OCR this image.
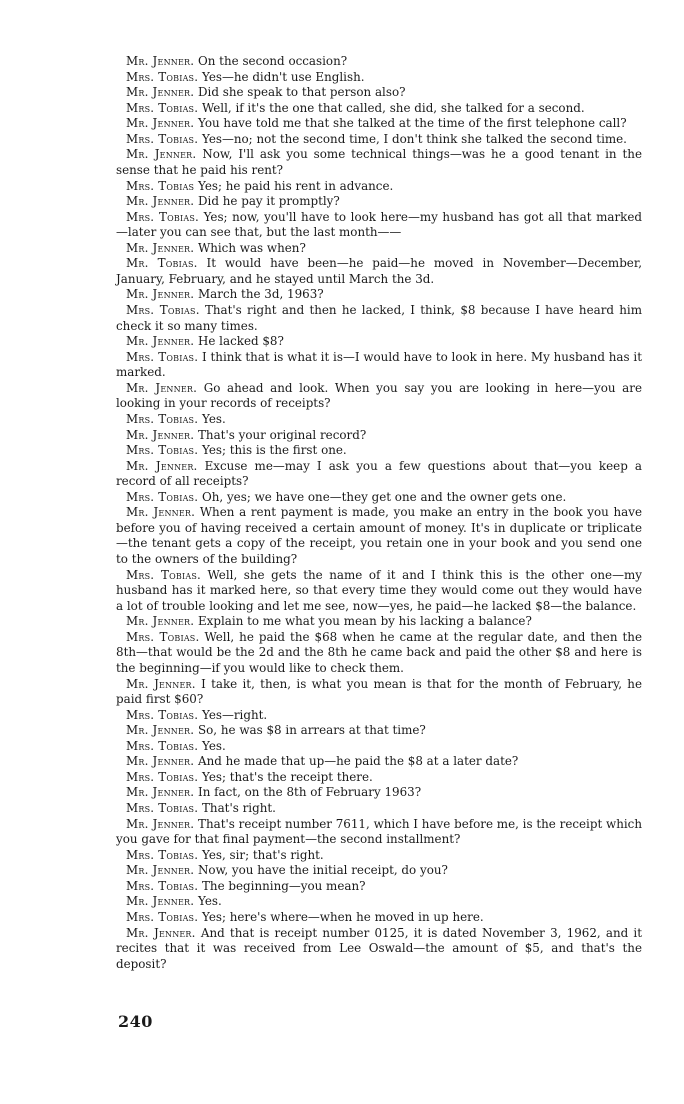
Mr. Jenner. On the second occasion?

Mrs. Tobias. Yes—he didn't use English.

Mr. Jenner. Did she speak to that person also?

Mrs. Tobias. Well, if it's the one that called, she did, she talked for a second.

Mr. Jenner. You have told me that she talked at the time of the first telephone call?

Mrs. Tobias. Yes—no; not the second time, I don't think she talked the second time.

Mr. Jenner. Now, I'll ask you some technical things—was he a good tenant in the sense that he paid his rent?

Mrs. Tobias Yes; he paid his rent in advance.

Mr. Jenner. Did he pay it promptly?

Mrs. Tobias. Yes; now, you'll have to look here—my husband has got all that marked—later you can see that, but the last month——

Mr. Jenner. Which was when?

Mr. Tobias. It would have been—he paid—he moved in November—December, January, February, and he stayed until March the 3d.

Mr. Jenner. March the 3d, 1963?

Mrs. Tobias. That's right and then he lacked, I think, $8 because I have heard him check it so many times.

Mr. Jenner. He lacked $8?

Mrs. Tobias. I think that is what it is—I would have to look in here. My husband has it marked.

Mr. Jenner. Go ahead and look. When you say you are looking in here—you are looking in your records of receipts?

Mrs. Tobias. Yes.

Mr. Jenner. That's your original record?

Mrs. Tobias. Yes; this is the first one.

Mr. Jenner. Excuse me—may I ask you a few questions about that—you keep a record of all receipts?

Mrs. Tobias. Oh, yes; we have one—they get one and the owner gets one.

Mr. Jenner. When a rent payment is made, you make an entry in the book you have before you of having received a certain amount of money. It's in duplicate or triplicate—the tenant gets a copy of the receipt, you retain one in your book and you send one to the owners of the building?

Mrs. Tobias. Well, she gets the name of it and I think this is the other one—my husband has it marked here, so that every time they would come out they would have a lot of trouble looking and let me see, now—yes, he paid—he lacked $8—the balance.

Mr. Jenner. Explain to me what you mean by his lacking a balance?

Mrs. Tobias. Well, he paid the $68 when he came at the regular date, and then the 8th—that would be the 2d and the 8th he came back and paid the other $8 and here is the beginning—if you would like to check them.

Mr. Jenner. I take it, then, is what you mean is that for the month of February, he paid first $60?

Mrs. Tobias. Yes—right.

Mr. Jenner. So, he was $8 in arrears at that time?

Mrs. Tobias. Yes.

Mr. Jenner. And he made that up—he paid the $8 at a later date?

Mrs. Tobias. Yes; that's the receipt there.

Mr. Jenner. In fact, on the 8th of February 1963?

Mrs. Tobias. That's right.

Mr. Jenner. That's receipt number 7611, which I have before me, is the receipt which you gave for that final payment—the second installment?

Mrs. Tobias. Yes, sir; that's right.

Mr. Jenner. Now, you have the initial receipt, do you?

Mrs. Tobias. The beginning—you mean?

Mr. Jenner. Yes.

Mrs. Tobias. Yes; here's where—when he moved in up here.

Mr. Jenner. And that is receipt number 0125, it is dated November 3, 1962, and it recites that it was received from Lee Oswald—the amount of $5, and that's the deposit?

240
